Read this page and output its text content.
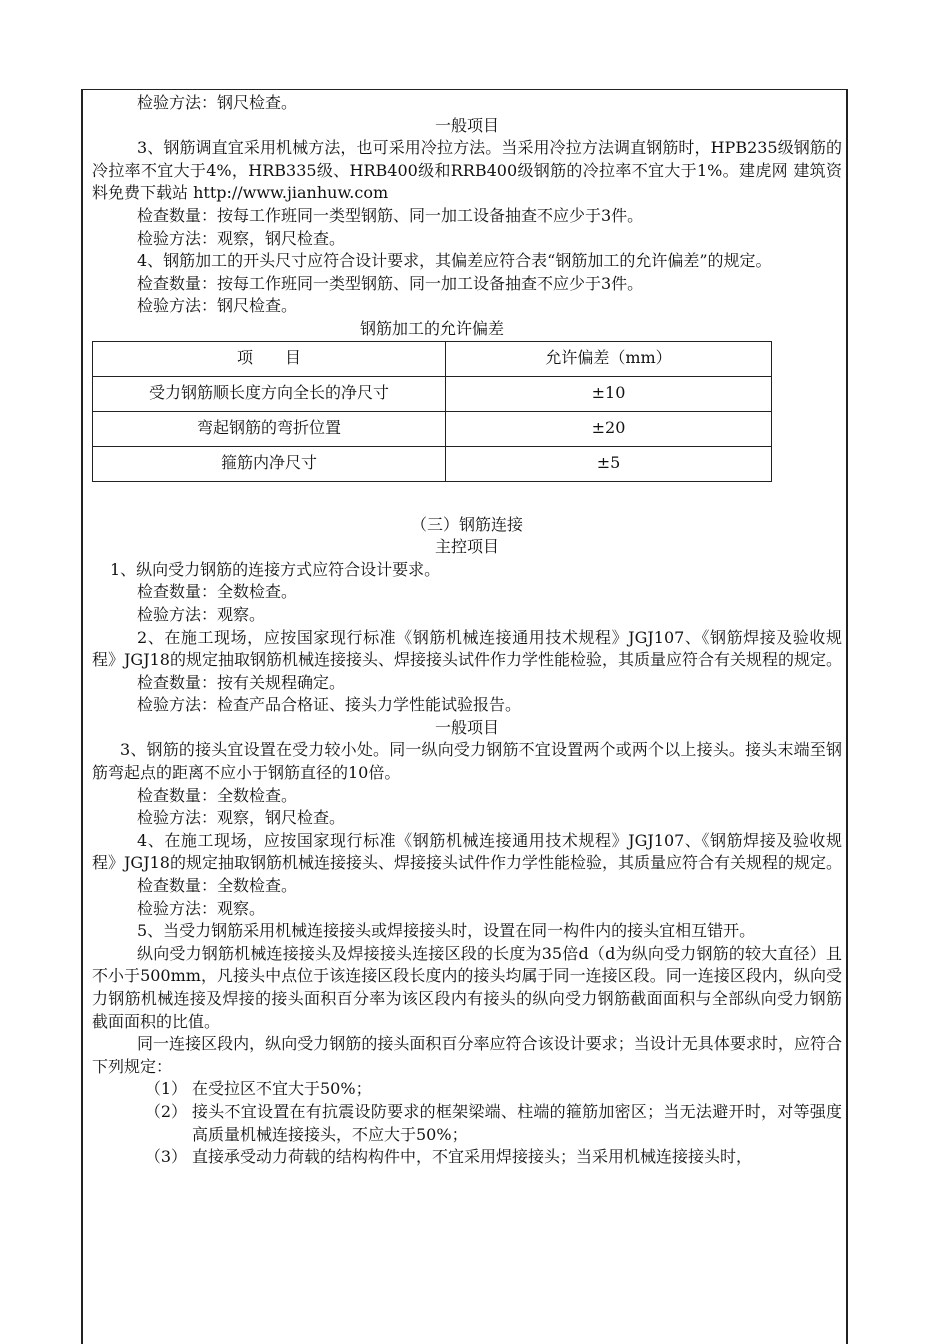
检验方法：钢尺检查。

一般项目

3、钢筋调直宜采用机械方法，也可采用冷拉方法。当采用冷拉方法调直钢筋时，HPB235级钢筋的冷拉率不宜大于4%，HRB335级、HRB400级和RRB400级钢筋的冷拉率不宜大于1%。建虎网 建筑资料免费下载站 http://www.jianhuw.com

检查数量：按每工作班同一类型钢筋、同一加工设备抽查不应少于3件。

检验方法：观察，钢尺检查。

4、钢筋加工的开头尺寸应符合设计要求，其偏差应符合表“钢筋加工的允许偏差”的规定。

检查数量：按每工作班同一类型钢筋、同一加工设备抽查不应少于3件。

检验方法：钢尺检查。

钢筋加工的允许偏差

项　　目	允许偏差（mm）
受力钢筋顺长度方向全长的净尺寸	±10
弯起钢筋的弯折位置	±20
箍筋内净尺寸	±5

（三）钢筋连接

主控项目

1、纵向受力钢筋的连接方式应符合设计要求。

检查数量：全数检查。

检验方法：观察。

2、在施工现场，应按国家现行标准《钢筋机械连接通用技术规程》JGJ107、《钢筋焊接及验收规程》JGJ18的规定抽取钢筋机械连接接头、焊接接头试件作力学性能检验，其质量应符合有关规程的规定。

检查数量：按有关规程确定。

检验方法：检查产品合格证、接头力学性能试验报告。

一般项目

3、钢筋的接头宜设置在受力较小处。同一纵向受力钢筋不宜设置两个或两个以上接头。接头末端至钢筋弯起点的距离不应小于钢筋直径的10倍。

检查数量：全数检查。

检验方法：观察，钢尺检查。

4、在施工现场，应按国家现行标准《钢筋机械连接通用技术规程》JGJ107、《钢筋焊接及验收规程》JGJ18的规定抽取钢筋机械连接接头、焊接接头试件作力学性能检验，其质量应符合有关规程的规定。

检查数量：全数检查。

检验方法：观察。

5、当受力钢筋采用机械连接接头或焊接接头时，设置在同一构件内的接头宜相互错开。

纵向受力钢筋机械连接接头及焊接接头连接区段的长度为35倍d（d为纵向受力钢筋的较大直径）且不小于500mm，凡接头中点位于该连接区段长度内的接头均属于同一连接区段。同一连接区段内，纵向受力钢筋机械连接及焊接的接头面积百分率为该区段内有接头的纵向受力钢筋截面面积与全部纵向受力钢筋截面面积的比值。

同一连接区段内，纵向受力钢筋的接头面积百分率应符合该设计要求；当设计无具体要求时，应符合下列规定：

（1） 在受拉区不宜大于50%；
（2） 接头不宜设置在有抗震设防要求的框架梁端、柱端的箍筋加密区；当无法避开时，对等强度高质量机械连接接头，不应大于50%；
（3） 直接承受动力荷载的结构构件中，不宜采用焊接接头；当采用机械连接接头时，
